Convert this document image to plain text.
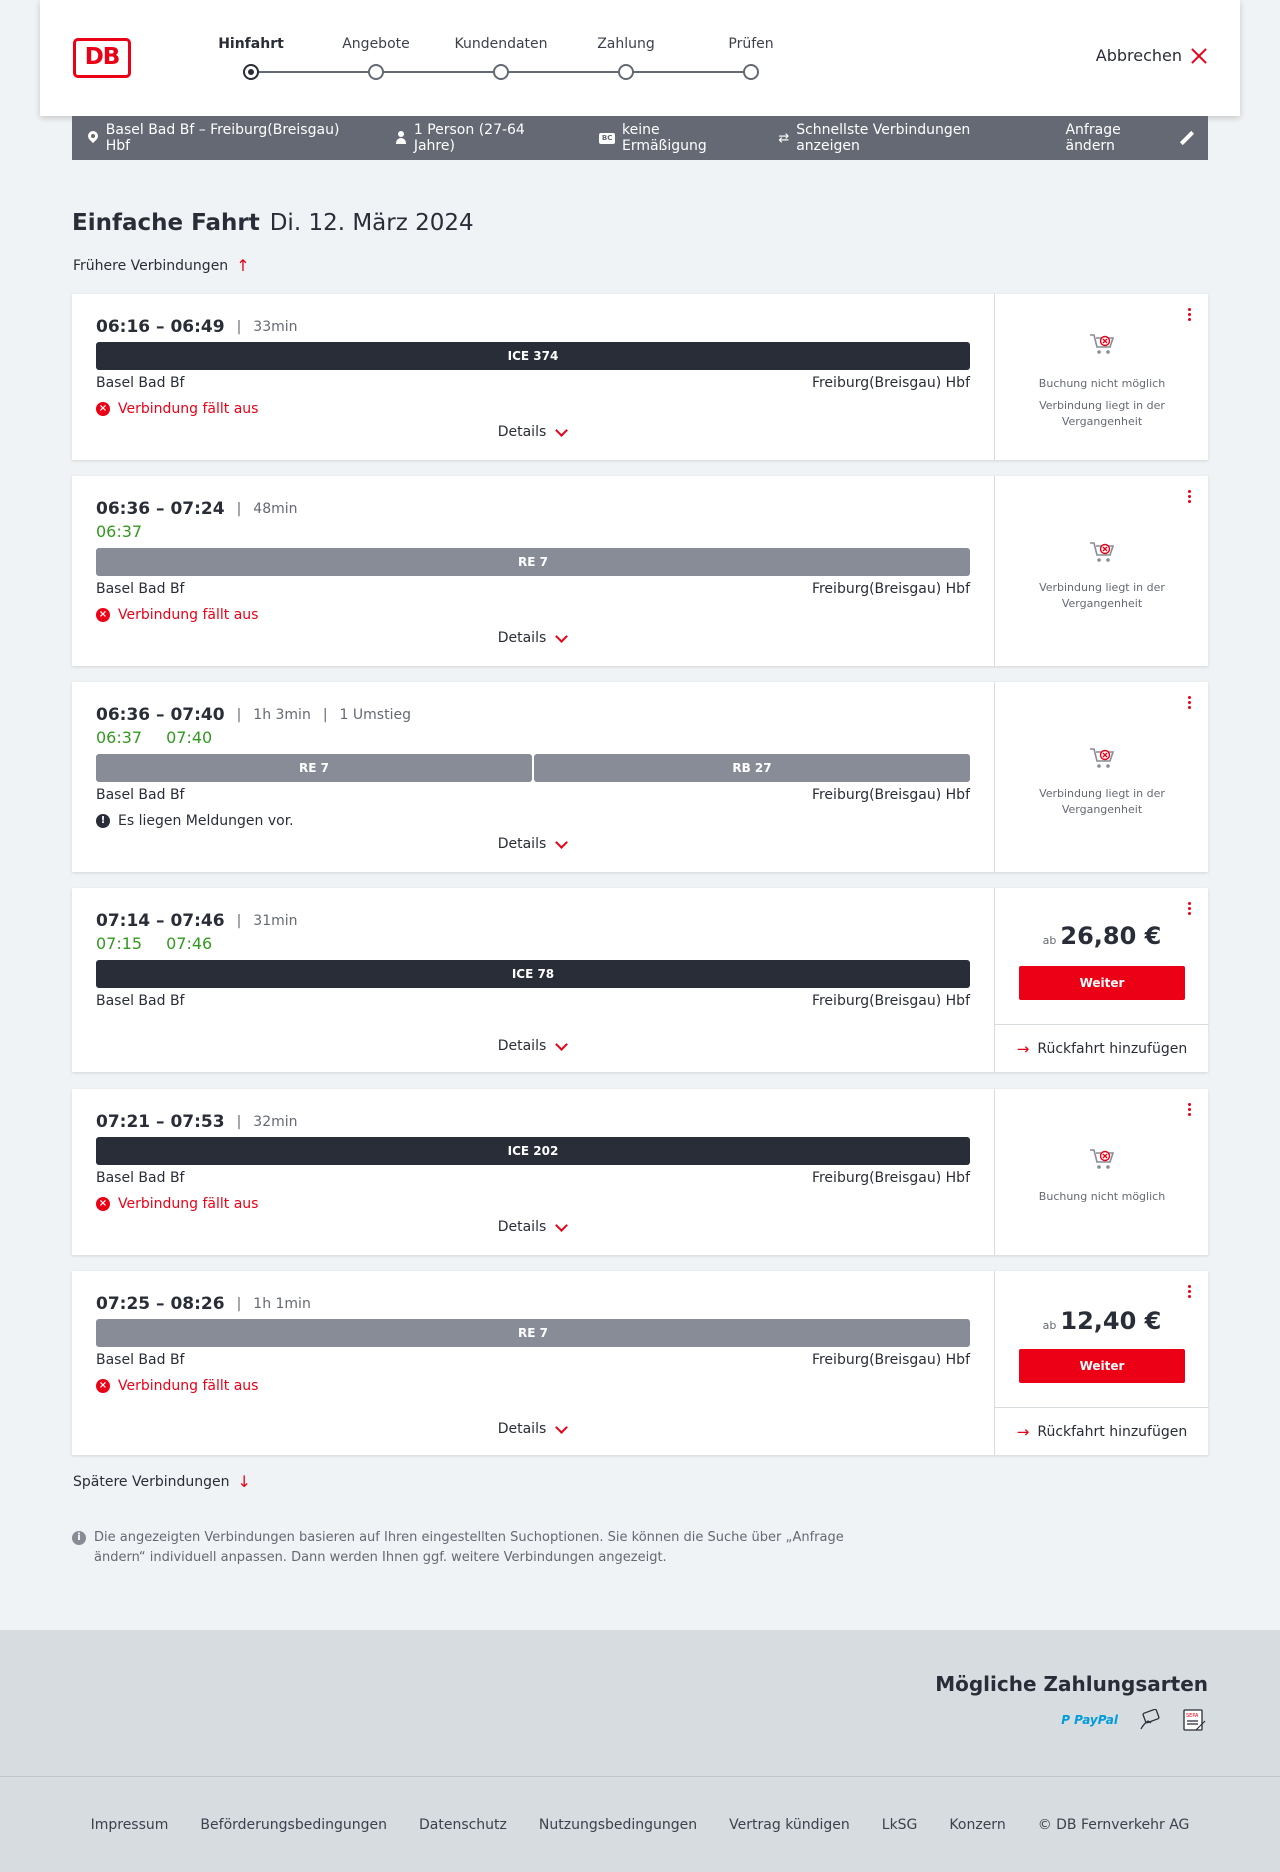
DB	Hinfahrt	Angebote	Kundendaten	Zahlung	Prüfen
Abbrechen
Basel Bad Bf – Freiburg(Breisgau) Hbf
1 Person (27-64 Jahre)
BC keine Ermäßigung	⇄ Schnellste Verbindungen anzeigen
Anfrage ändern
Einfache Fahrt Di. 12. März 2024
Frühere Verbindungen ↑
06:16 – 06:49 | 33min
ICE 374
Basel Bad Bf	Freiburg(Breisgau) Hbf
× Verbindung fällt aus
Details
Buchung nicht möglich
Verbindung liegt in der Vergangenheit
06:36 – 07:24 | 48min
06:37
RE 7
Basel Bad Bf	Freiburg(Breisgau) Hbf
× Verbindung fällt aus
Details
Verbindung liegt in der Vergangenheit
06:36 – 07:40 | 1h 3min | 1 Umstieg
06:37 07:40
RE 7	RB 27
Basel Bad Bf	Freiburg(Breisgau) Hbf
! Es liegen Meldungen vor.
Details
Verbindung liegt in der Vergangenheit
07:14 – 07:46 | 31min
07:15 07:46
ICE 78
Basel Bad Bf	Freiburg(Breisgau) Hbf
Details
ab 26,80 €
Weiter
→ Rückfahrt hinzufügen
07:21 – 07:53 | 32min
ICE 202
Basel Bad Bf	Freiburg(Breisgau) Hbf
× Verbindung fällt aus
Details
Buchung nicht möglich
07:25 – 08:26 | 1h 1min
RE 7
Basel Bad Bf	Freiburg(Breisgau) Hbf
× Verbindung fällt aus
Details
ab 12,40 €
Weiter
→ Rückfahrt hinzufügen
Spätere Verbindungen ↓
i	Die angezeigten Verbindungen basieren auf Ihren eingestellten Suchoptionen. Sie können die Suche über „Anfrage ändern“ individuell anpassen. Dann werden Ihnen ggf. weitere Verbindungen angezeigt.
Mögliche Zahlungsarten
P PayPal	SEPA
Impressum Beförderungsbedingungen Datenschutz Nutzungsbedingungen Vertrag kündigen LkSG Konzern © DB Fernverkehr AG
